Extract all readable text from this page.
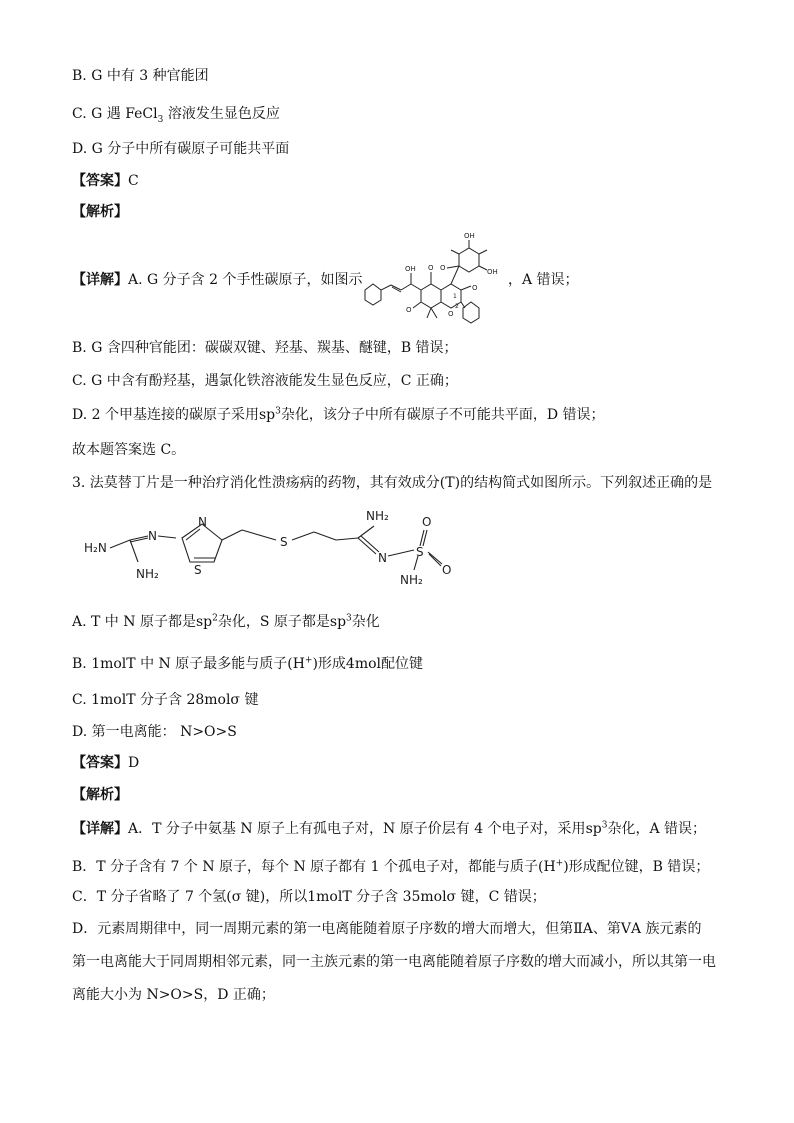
B. G 中有 3 种官能团
C. G 遇 FeCl$_3$ 溶液发生显色反应
D. G 分子中所有碳原子可能共平面
【答案】C
【解析】
【详解】A. G 分子含 2 个手性碳原子，如图示	，A 错误；
OH O
OH
OH
O
O
O	O
1
2
B. G 含四种官能团：碳碳双键、羟基、羰基、醚键，B 错误；
C. G 中含有酚羟基，遇氯化铁溶液能发生显色反应，C 正确；
D. 2 个甲基连接的碳原子采用$sp^3$杂化，该分子中所有碳原子不可能共平面，D 错误；
故本题答案选 C。
3. 法莫替丁片是一种治疗消化性溃疡病的药物，其有效成分(T)的结构简式如图所示。下列叙述正确的是
H₂N
N
NH₂
N
S
S
NH₂
N S
O
O
NH₂
A. T 中 N 原子都是$sp^2$杂化，S 原子都是$sp^3$杂化
B. 1molT 中 N 原子最多能与质子(H+)形成4mol配位键
C. 1molT 分子含 28molσ 键
D. 第一电离能： N>O>S
【答案】D
【解析】
【详解】A．T 分子中氨基 N 原子上有孤电子对，N 原子价层有 4 个电子对，采用$sp^3$杂化，A 错误；
B．T 分子含有 7 个 N 原子，每个 N 原子都有 1 个孤电子对，都能与质子(H+)形成配位键，B 错误；
C．T 分子省略了 7 个氢(σ 键)，所以1molT 分子含 35molσ 键，C 错误；
D．元素周期律中，同一周期元素的第一电离能随着原子序数的增大而增大，但第ⅡA、第ⅤA 族元素的
第一电离能大于同周期相邻元素，同一主族元素的第一电离能随着原子序数的增大而减小，所以其第一电
离能大小为 N>O>S，D 正确；
